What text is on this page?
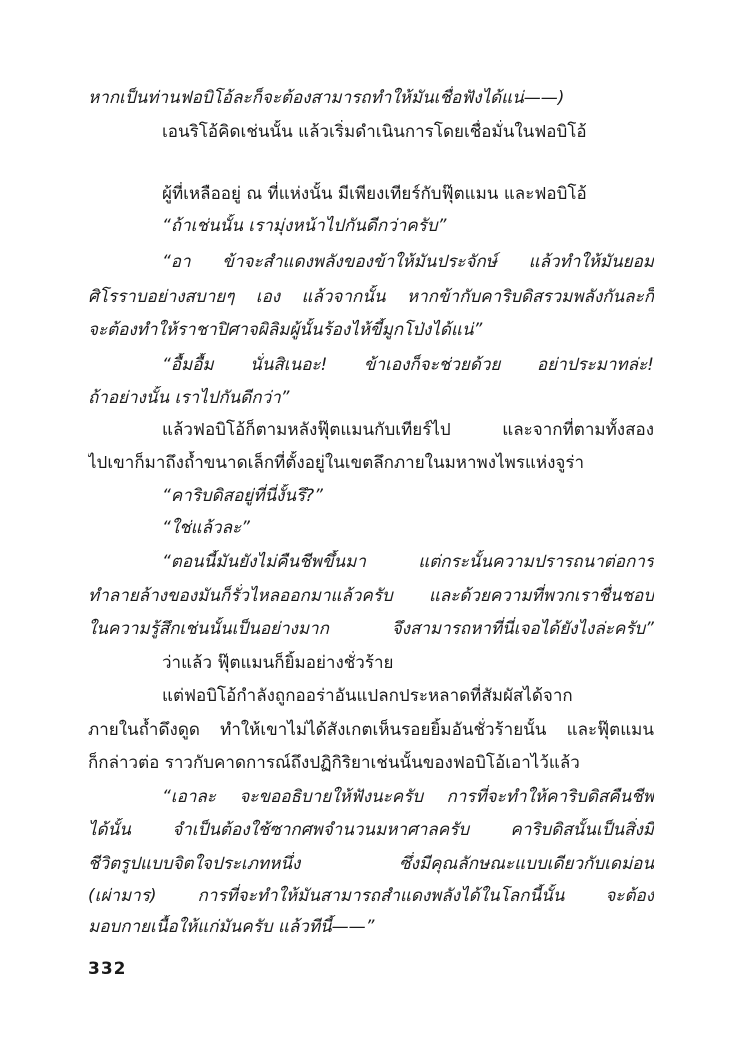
หากเป็นท่านฟอบิโอ้ละก็จะต้องสามารถทำให้มันเชื่อฟังได้แน่——)
เอนริโอ้คิดเช่นนั้น แล้วเริ่มดำเนินการโดยเชื่อมั่นในฟอบิโอ้
ผู้ที่เหลืออยู่ ณ ที่แห่งนั้น มีเพียงเทียร์กับฟุ๊ตแมน และฟอบิโอ้
“ถ้าเช่นนั้น เรามุ่งหน้าไปกันดีกว่าครับ”
“อา ข้าจะสำแดงพลังของข้าให้มันประจักษ์ แล้วทำให้มันยอม
ศิโรราบอย่างสบายๆ เอง แล้วจากนั้น หากข้ากับคาริบดิสรวมพลังกันละก็
จะต้องทำให้ราชาปิศาจผิลิมผู้นั้นร้องไห้ขี้มูกโป่งได้แน่”
“อื้มอื้ม นั่นสิเนอะ! ข้าเองก็จะช่วยด้วย อย่าประมาทล่ะ!
ถ้าอย่างนั้น เราไปกันดีกว่า”
แล้วฟอบิโอ้ก็ตามหลังฟุ๊ตแมนกับเทียร์ไป และจากที่ตามทั้งสอง
ไปเขาก็มาถึงถ้ำขนาดเล็กที่ตั้งอยู่ในเขตลึกภายในมหาพงไพรแห่งจูร่า
“คาริบดิสอยู่ที่นี่งั้นรึ?”
“ใช่แล้วละ”
“ตอนนี้มันยังไม่คืนชีพขึ้นมา แต่กระนั้นความปรารถนาต่อการ
ทำลายล้างของมันก็รั่วไหลออกมาแล้วครับ และด้วยความที่พวกเราชื่นชอบ
ในความรู้สึกเช่นนั้นเป็นอย่างมาก จึงสามารถหาที่นี่เจอได้ยังไงล่ะครับ”
ว่าแล้ว ฟุ๊ตแมนก็ยิ้มอย่างชั่วร้าย
แต่ฟอบิโอ้กำลังถูกออร่าอันแปลกประหลาดที่สัมผัสได้จาก
ภายในถ้ำดึงดูด ทำให้เขาไม่ได้สังเกตเห็นรอยยิ้มอันชั่วร้ายนั้น และฟุ๊ตแมน
ก็กล่าวต่อ ราวกับคาดการณ์ถึงปฏิกิริยาเช่นนั้นของฟอบิโอ้เอาไว้แล้ว
“เอาละ จะขออธิบายให้ฟังนะครับ การที่จะทำให้คาริบดิสคืนชีพ
ได้นั้น จำเป็นต้องใช้ซากศพจำนวนมหาศาลครับ คาริบดิสนั้นเป็นสิ่งมี
ชีวิตรูปแบบจิตใจประเภทหนึ่ง ซึ่งมีคุณลักษณะแบบเดียวกับเดม่อน
(เผ่ามาร) การที่จะทำให้มันสามารถสำแดงพลังได้ในโลกนี้นั้น จะต้อง
มอบกายเนื้อให้แก่มันครับ แล้วทีนี้——”
332
